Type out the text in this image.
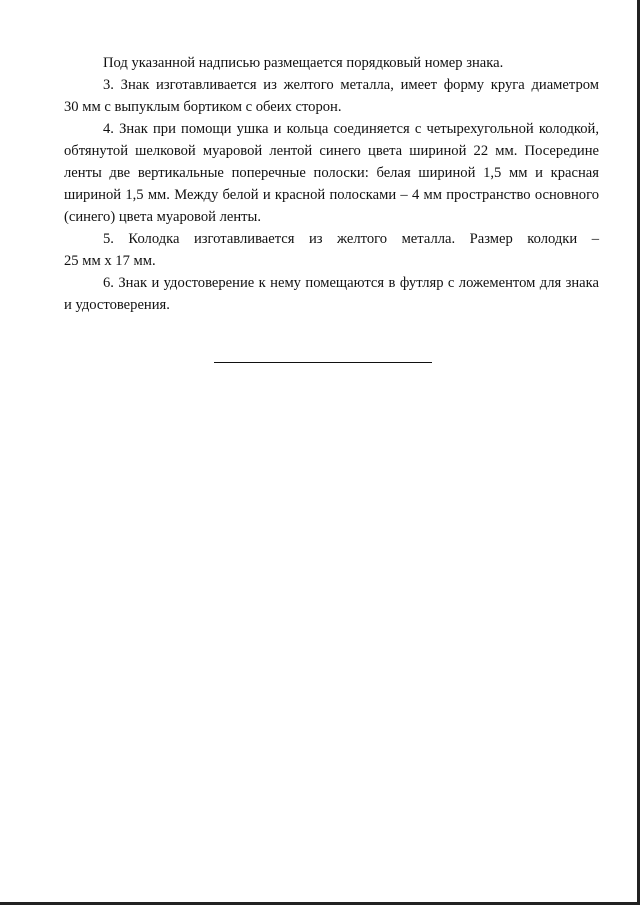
Под указанной надписью размещается порядковый номер знака.

3. Знак изготавливается из желтого металла, имеет форму круга диаметром
30 мм с выпуклым бортиком с обеих сторон.

4. Знак при помощи ушка и кольца соединяется с четырехугольной колодкой,
обтянутой шелковой муаровой лентой синего цвета шириной 22 мм. Посередине
ленты две вертикальные поперечные полоски: белая шириной 1,5 мм и красная
шириной 1,5 мм. Между белой и красной полосками – 4 мм пространство основного
(синего) цвета муаровой ленты.

5. Колодка изготавливается из желтого металла. Размер колодки –
25 мм х 17 мм.

6. Знак и удостоверение к нему помещаются в футляр с ложементом для знака
и удостоверения.
